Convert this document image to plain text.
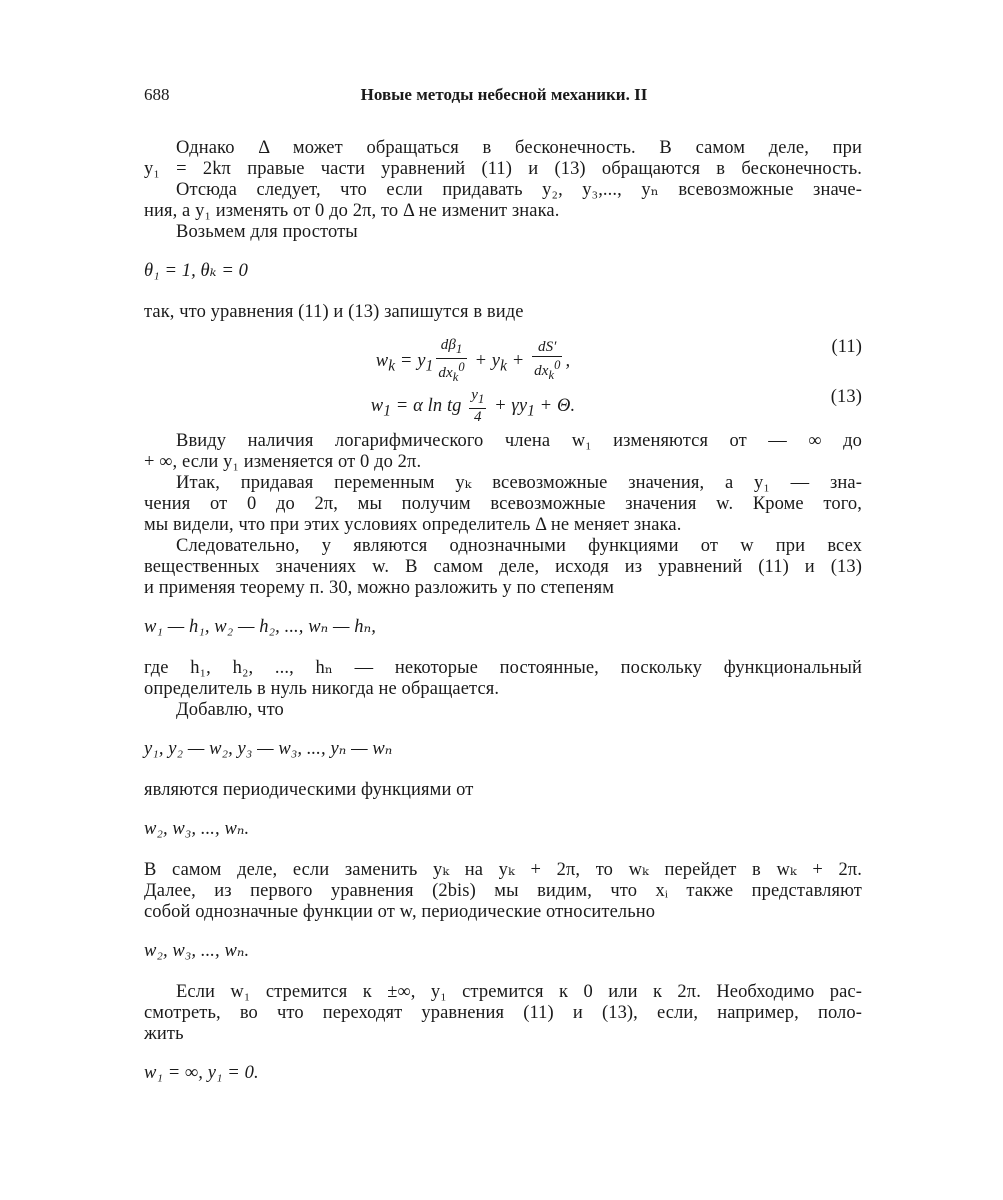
688	Новые методы небесной механики. II

Однако Δ может обращаться в бесконечность. В самом деле, при

y₁ = 2kπ правые части уравнений (11) и (13) обращаются в бесконечность.

Отсюда следует, что если придавать y₂, y₃,..., yₙ всевозможные значе-

ния, а y₁ изменять от 0 до 2π, то Δ не изменит знака.

Возьмем для простоты

θ₁ = 1, θₖ = 0

так, что уравнения (11) и (13) запишутся в виде

$w_k = y_1 \frac{d\beta_1}{dx_k^0} + y_k + \frac{dS'}{dx_k^0}$ ,
(11)
$w_1 = \alpha$ ln tg $\frac{y_1}{4} + \gamma y_1 + \Theta$.	(13)

Ввиду наличия логарифмического члена w₁ изменяются от — ∞ до

+ ∞, если y₁ изменяется от 0 до 2π.

Итак, придавая переменным yₖ всевозможные значения, а y₁ — зна-

чения от 0 до 2π, мы получим всевозможные значения w. Кроме того,

мы видели, что при этих условиях определитель Δ не меняет знака.

Следовательно, y являются однозначными функциями от w при всех

вещественных значениях w. В самом деле, исходя из уравнений (11) и (13)

и применяя теорему п. 30, можно разложить y по степеням

w₁ — h₁, w₂ — h₂, ..., wₙ — hₙ,

где h₁, h₂, ..., hₙ — некоторые постоянные, поскольку функциональный

определитель в нуль никогда не обращается.

Добавлю, что

y₁, y₂ — w₂, y₃ — w₃, ..., yₙ — wₙ

являются периодическими функциями от

w₂, w₃, ..., wₙ.

В самом деле, если заменить yₖ на yₖ + 2π, то wₖ перейдет в wₖ + 2π.

Далее, из первого уравнения (2bis) мы видим, что xᵢ также представляют

собой однозначные функции от w, периодические относительно

w₂, w₃, ..., wₙ.

Если w₁ стремится к ±∞, y₁ стремится к 0 или к 2π. Необходимо рас-

смотреть, во что переходят уравнения (11) и (13), если, например, поло-

жить

w₁ = ∞, y₁ = 0.
